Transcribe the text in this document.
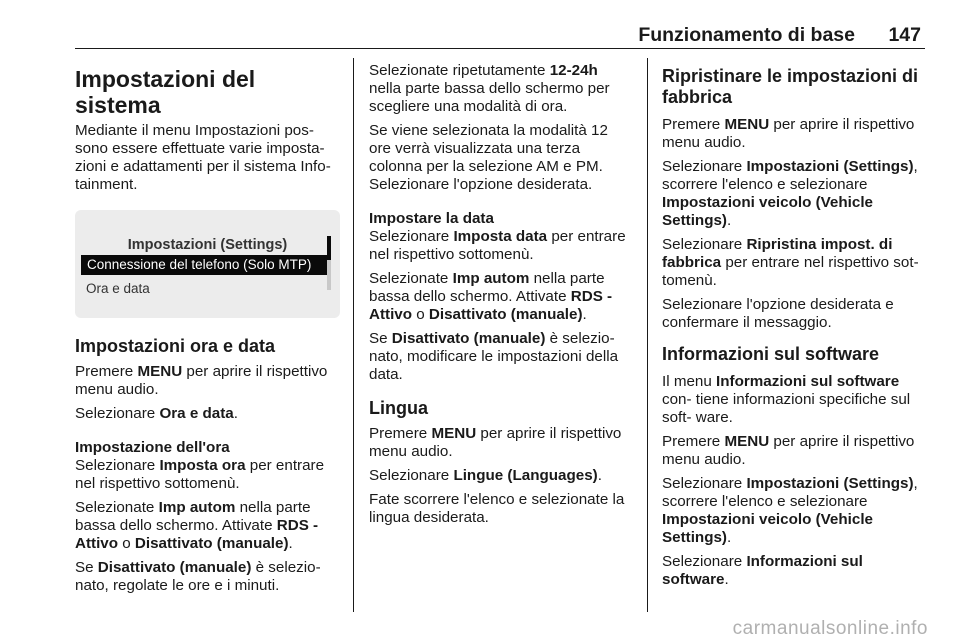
Funzionamento di base 147
Impostazioni del sistema

Mediante il menu Impostazioni pos- sono essere effettuate varie imposta- zioni e adattamenti per il sistema Info- tainment.

Impostazioni (Settings)
Connessione del telefono (Solo MTP)
Ora e data
Impostazioni ora e data

Premere MENU per aprire il rispettivo menu audio.

Selezionare Ora e data.

Impostazione dell'ora

Selezionare Imposta ora per entrare nel rispettivo sottomenù.

Selezionate Imp autom nella parte bassa dello schermo. Attivate RDS - Attivo o Disattivato (manuale).

Se Disattivato (manuale) è selezio- nato, regolate le ore e i minuti.

Selezionate ripetutamente 12-24h nella parte bassa dello schermo per scegliere una modalità di ora.

Se viene selezionata la modalità 12 ore verrà visualizzata una terza colonna per la selezione AM e PM. Selezionare l'opzione desiderata.

Impostare la data

Selezionare Imposta data per entrare nel rispettivo sottomenù.

Selezionate Imp autom nella parte bassa dello schermo. Attivate RDS - Attivo o Disattivato (manuale).

Se Disattivato (manuale) è selezio- nato, modificare le impostazioni della data.

Lingua

Premere MENU per aprire il rispettivo menu audio.

Selezionare Lingue (Languages).

Fate scorrere l'elenco e selezionate la lingua desiderata.

Ripristinare le impostazioni di fabbrica

Premere MENU per aprire il rispettivo menu audio.

Selezionare Impostazioni (Settings), scorrere l'elenco e selezionare Impostazioni veicolo (Vehicle Settings).

Selezionare Ripristina impost. di fabbrica per entrare nel rispettivo sot- tomenù.

Selezionare l'opzione desiderata e confermare il messaggio.

Informazioni sul software

Il menu Informazioni sul software con- tiene informazioni specifiche sul soft- ware.

Premere MENU per aprire il rispettivo menu audio.

Selezionare Impostazioni (Settings), scorrere l'elenco e selezionare Impostazioni veicolo (Vehicle Settings).

Selezionare Informazioni sul software.

carmanualsonline.info
